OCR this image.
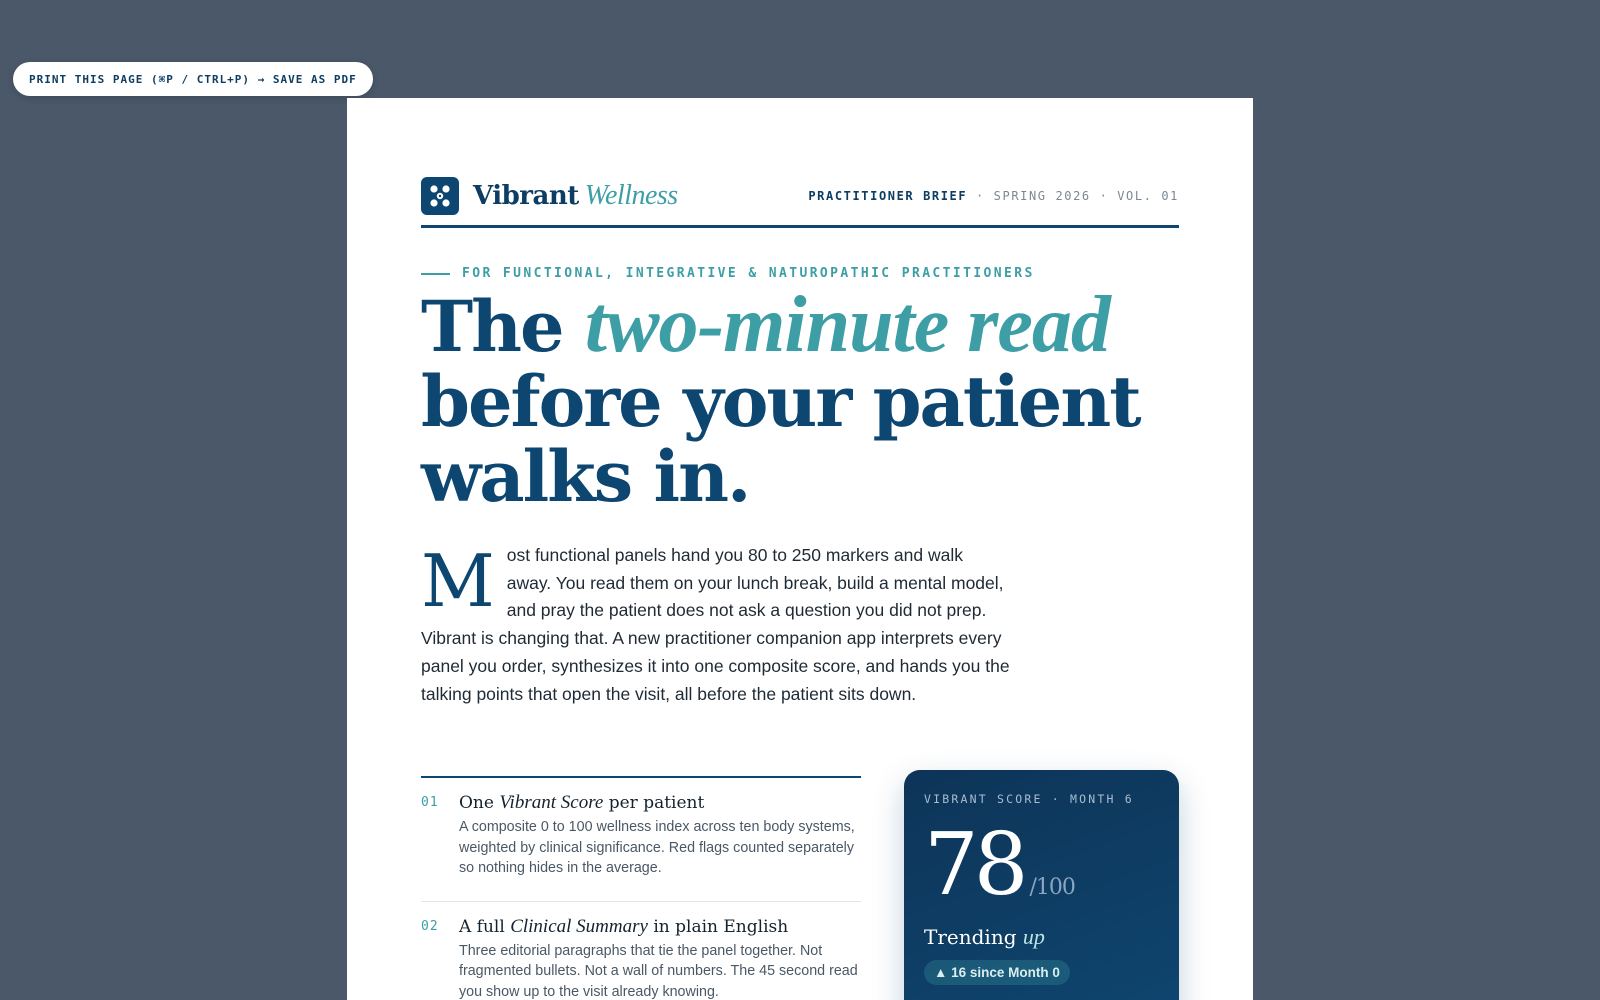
PRINT THIS PAGE (⌘P / CTRL+P) → SAVE AS PDF
Vibrant Wellness	PRACTITIONER BRIEF · SPRING 2026 · VOL. 01
FOR FUNCTIONAL, INTEGRATIVE & NATUROPATHIC PRACTITIONERS
The two-minute read
before your patient walks in.

Most functional panels hand you 80 to 250 markers and walk away. You read them on your lunch break, build a mental model, and pray the patient does not ask a question you did not prep. Vibrant is changing that. A new practitioner companion app interprets every panel you order, synthesizes it into one composite score, and hands you the talking points that open the visit, all before the patient sits down.

01	One Vibrant Score per patient
A composite 0 to 100 wellness index across ten body systems, weighted by clinical significance. Red flags counted separately so nothing hides in the average.
02	A full Clinical Summary in plain English
Three editorial paragraphs that tie the panel together. Not fragmented bullets. Not a wall of numbers. The 45 second read you show up to the visit already knowing.
VIBRANT SCORE · MONTH 6
78 /100
Trending up
▲ 16 since Month 0
